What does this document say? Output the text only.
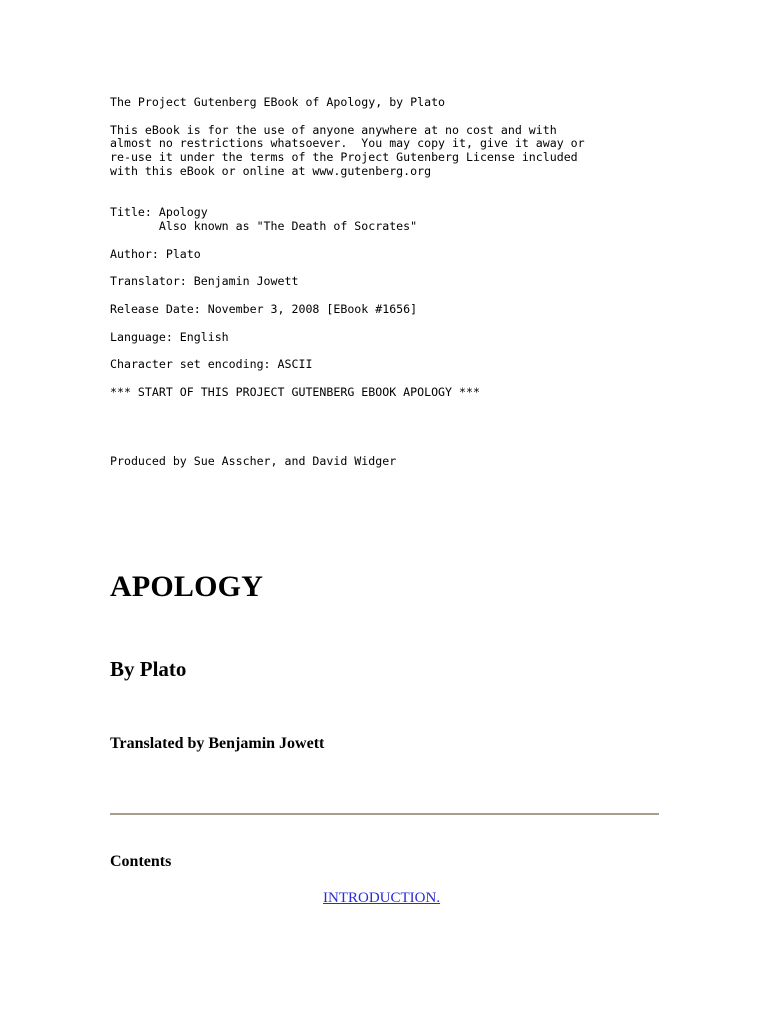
The Project Gutenberg EBook of Apology, by Plato

This eBook is for the use of anyone anywhere at no cost and with
almost no restrictions whatsoever.  You may copy it, give it away or
re-use it under the terms of the Project Gutenberg License included
with this eBook or online at www.gutenberg.org

Title: Apology
Also known as "The Death of Socrates"

Author: Plato

Translator: Benjamin Jowett

Release Date: November 3, 2008 [EBook #1656]

Language: English

Character set encoding: ASCII

*** START OF THIS PROJECT GUTENBERG EBOOK APOLOGY ***

Produced by Sue Asscher, and David Widger
APOLOGY
By Plato
Translated by Benjamin Jowett
Contents
INTRODUCTION.
